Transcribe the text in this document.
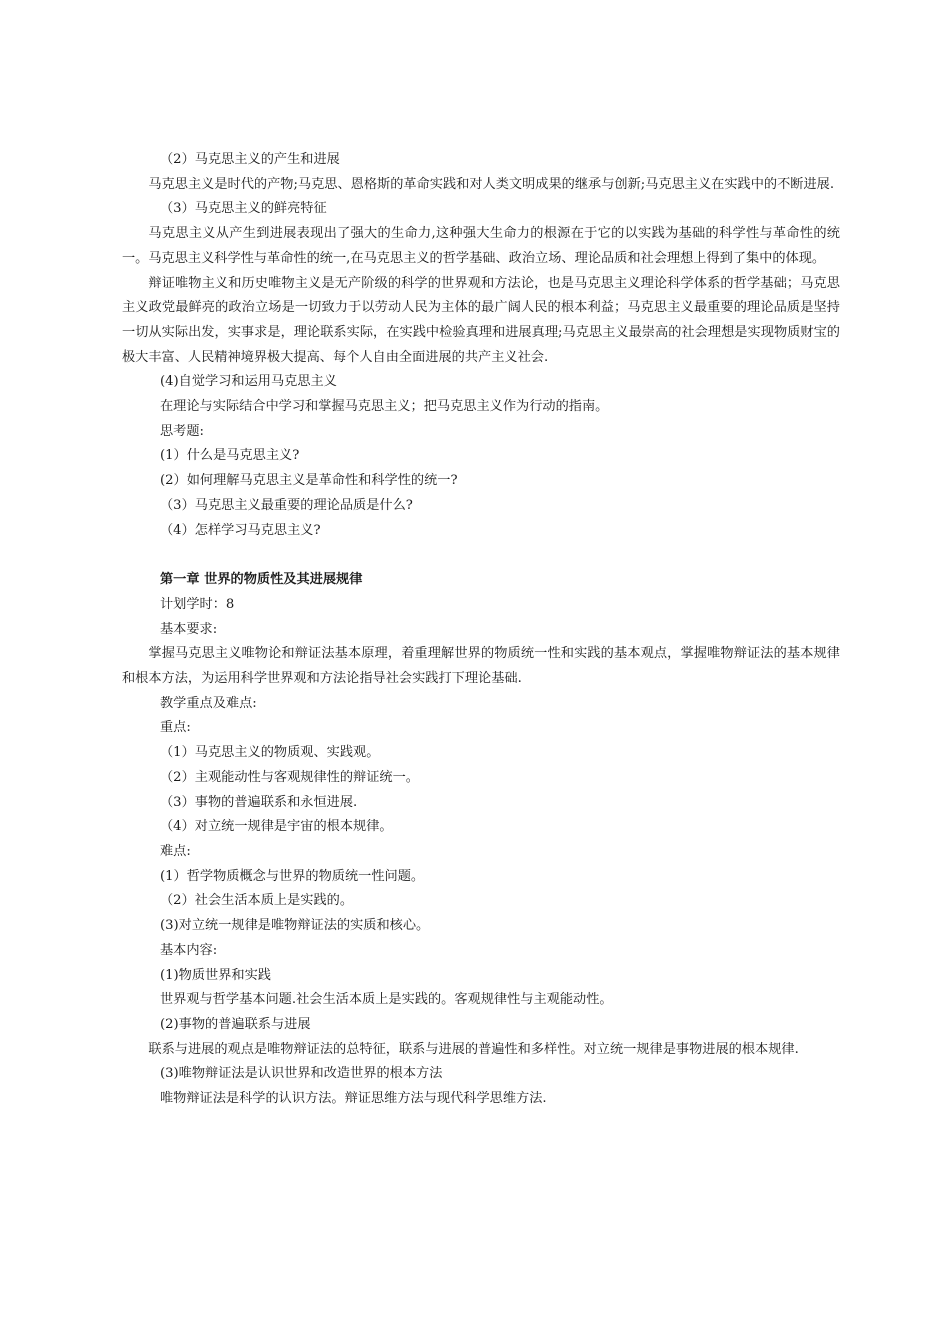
（2）马克思主义的产生和进展

马克思主义是时代的产物;马克思、恩格斯的革命实践和对人类文明成果的继承与创新;马克思主义在实践中的不断进展.

（3）马克思主义的鲜亮特征

马克思主义从产生到进展表现出了强大的生命力,这种强大生命力的根源在于它的以实践为基础的科学性与革命性的统一。马克思主义科学性与革命性的统一,在马克思主义的哲学基础、政治立场、理论品质和社会理想上得到了集中的体现。

辩证唯物主义和历史唯物主义是无产阶级的科学的世界观和方法论，也是马克思主义理论科学体系的哲学基础；马克思主义政党最鲜亮的政治立场是一切致力于以劳动人民为主体的最广阔人民的根本利益；马克思主义最重要的理论品质是坚持一切从实际出发，实事求是，理论联系实际，在实践中检验真理和进展真理;马克思主义最崇高的社会理想是实现物质财宝的极大丰富、人民精神境界极大提高、每个人自由全面进展的共产主义社会.

(4)自觉学习和运用马克思主义

在理论与实际结合中学习和掌握马克思主义；把马克思主义作为行动的指南。

思考题:

(1）什么是马克思主义?

(2）如何理解马克思主义是革命性和科学性的统一?

（3）马克思主义最重要的理论品质是什么?

（4）怎样学习马克思主义?

第一章 世界的物质性及其进展规律

计划学时：8

基本要求:

掌握马克思主义唯物论和辩证法基本原理，着重理解世界的物质统一性和实践的基本观点，掌握唯物辩证法的基本规律和根本方法，为运用科学世界观和方法论指导社会实践打下理论基础.

教学重点及难点:

重点:

（1）马克思主义的物质观、实践观。

（2）主观能动性与客观规律性的辩证统一。

（3）事物的普遍联系和永恒进展.

（4）对立统一规律是宇宙的根本规律。

难点:

(1）哲学物质概念与世界的物质统一性问题。

（2）社会生活本质上是实践的。

(3)对立统一规律是唯物辩证法的实质和核心。

基本内容:

(1)物质世界和实践

世界观与哲学基本问题.社会生活本质上是实践的。客观规律性与主观能动性。

(2)事物的普遍联系与进展

联系与进展的观点是唯物辩证法的总特征，联系与进展的普遍性和多样性。对立统一规律是事物进展的根本规律.

(3)唯物辩证法是认识世界和改造世界的根本方法

唯物辩证法是科学的认识方法。辩证思维方法与现代科学思维方法.
